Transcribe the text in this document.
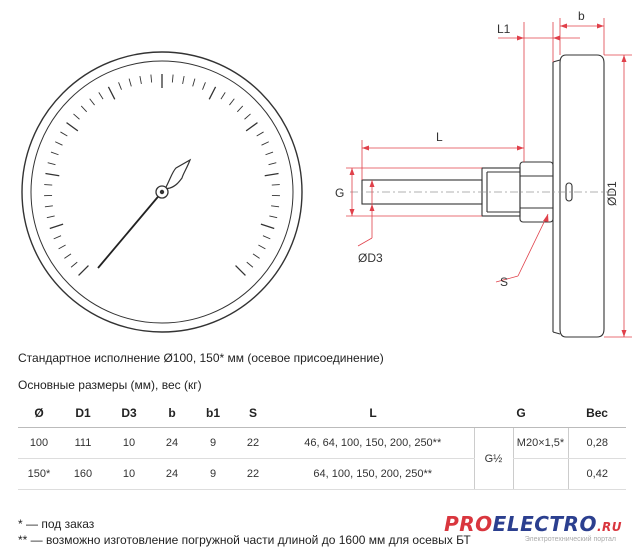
L1
b
L
G
ØD3
ØD1
S
Стандартное исполнение Ø100, 150* мм (осевое присоединение)
Основные размеры (мм), вес (кг)
Ø	D1	D3	b	b1	S	L	G		Вес
100	111	10	24	9	22	46, 64, 100, 150, 200, 250**	G½	M20×1,5*	0,28
150*	160	10	24	9	22	64, 100, 150, 200, 250**			0,42
* — под заказ
** — возможно изготовление погружной части длиной до 1600 мм для осевых БТ
PROELECTRO.RU
Электротехнический портал
